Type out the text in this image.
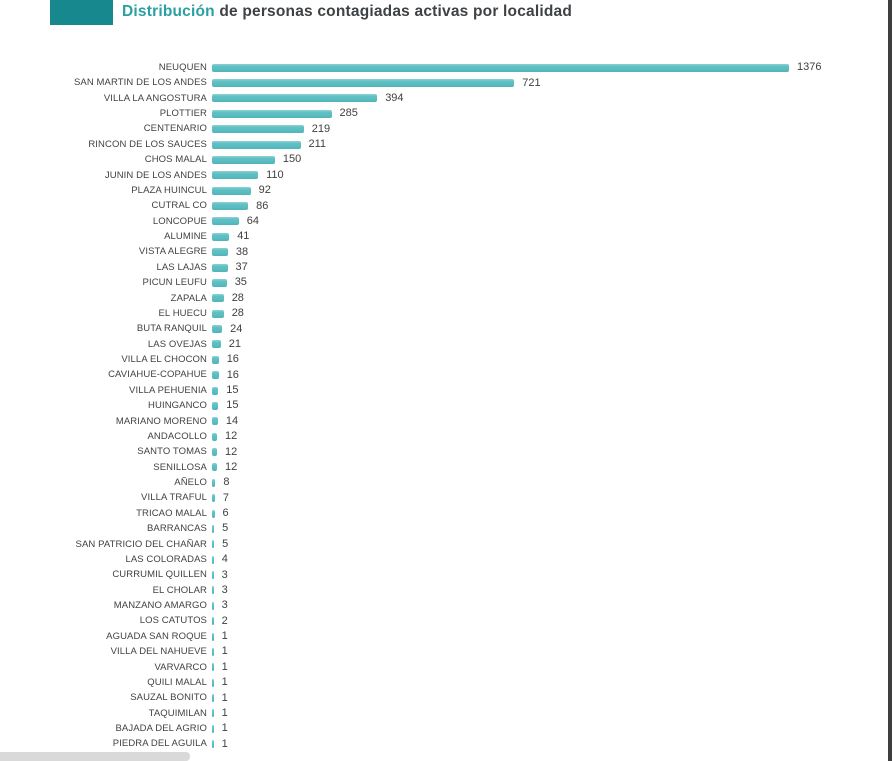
Distribución de personas contagiadas activas por localidad
NEUQUEN	1376
SAN MARTIN DE LOS ANDES	721
VILLA LA ANGOSTURA	394
PLOTTIER	285
CENTENARIO	219
RINCON DE LOS SAUCES	211
CHOS MALAL	150
JUNIN DE LOS ANDES	110
PLAZA HUINCUL	92
CUTRAL CO	86
LONCOPUE	64
ALUMINE	41
VISTA ALEGRE	38
LAS LAJAS	37
PICUN LEUFU	35
ZAPALA 28
EL HUECU 28
BUTA RANQUIL 24
LAS OVEJAS 21
VILLA EL CHOCON 16
CAVIAHUE-COPAHUE 16
VILLA PEHUENIA 15
HUINGANCO 15
MARIANO MORENO 14
ANDACOLLO 12
SANTO TOMAS 12
SENILLOSA 12
AÑELO 8
VILLA TRAFUL 7
TRICAO MALAL 6
BARRANCAS 5
SAN PATRICIO DEL CHAÑAR 5
LAS COLORADAS 4
CURRUMIL QUILLEN 3
EL CHOLAR 3
MANZANO AMARGO 3
LOS CATUTOS 2
AGUADA SAN ROQUE 1
VILLA DEL NAHUEVE 1
VARVARCO 1
QUILI MALAL 1
SAUZAL BONITO 1
TAQUIMILAN 1
BAJADA DEL AGRIO 1
PIEDRA DEL AGUILA 1
